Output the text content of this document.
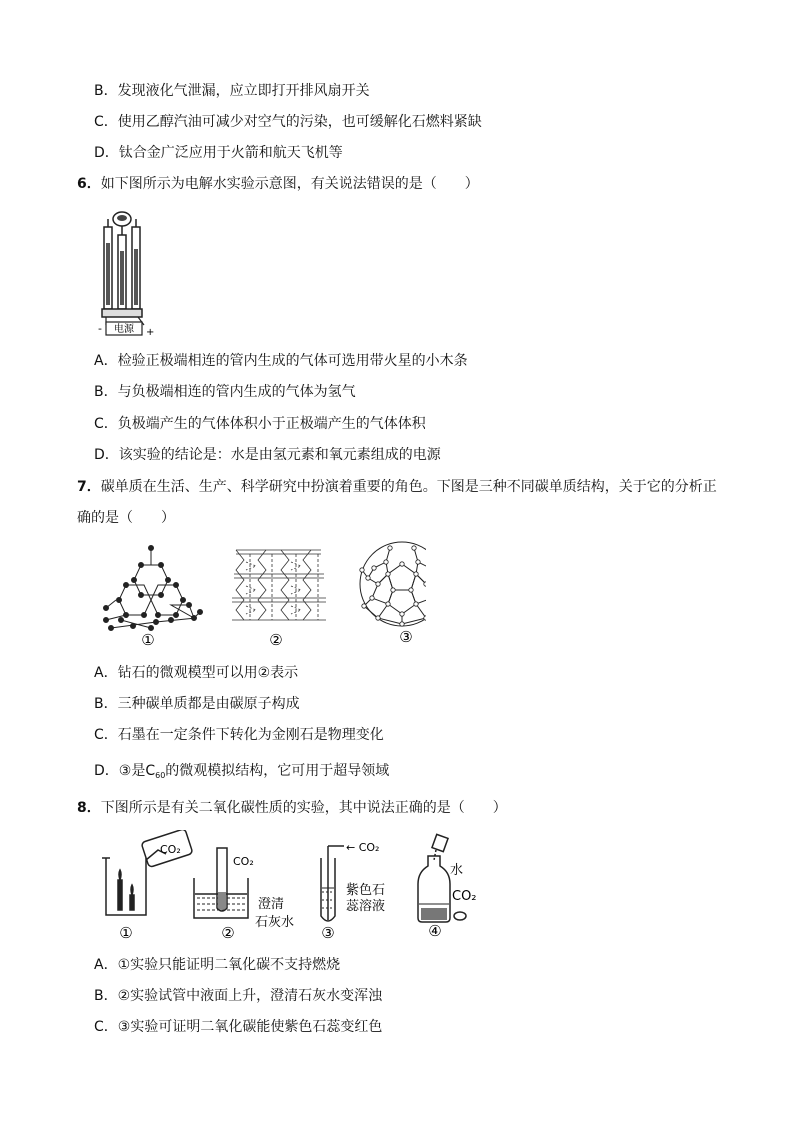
B．发现液化气泄漏，应立即打开排风扇开关
C．使用乙醇汽油可减少对空气的污染，也可缓解化石燃料紧缺
D．钛合金广泛应用于火箭和航天飞机等
6．如下图所示为电解水实验示意图，有关说法错误的是（　　）
电源
-	+
A．检验正极端相连的管内生成的气体可选用带火星的小木条
B．与负极端相连的管内生成的气体为氢气
C．负极端产生的气体体积小于正极端产生的气体体积
D．该实验的结论是：水是由氢元素和氧元素组成的电源
7．碳单质在生活、生产、科学研究中扮演着重要的角色。下图是三种不同碳单质结构，关于它的分析正
确的是（　　）
①	②	③
A．钻石的微观模型可以用②表示
B．三种碳单质都是由碳原子构成
C．石墨在一定条件下转化为金刚石是物理变化
D．③是$C_{60}$的微观模拟结构，它可用于超导领域
8．下图所示是有关二氧化碳性质的实验，其中说法正确的是（　　）
CO₂
①
CO₂
澄清
石灰水
②
← CO₂
紫色石
蕊溶液
③
水
CO₂
④
A．①实验只能证明二氧化碳不支持燃烧
B．②实验试管中液面上升，澄清石灰水变浑浊
C．③实验可证明二氧化碳能使紫色石蕊变红色
